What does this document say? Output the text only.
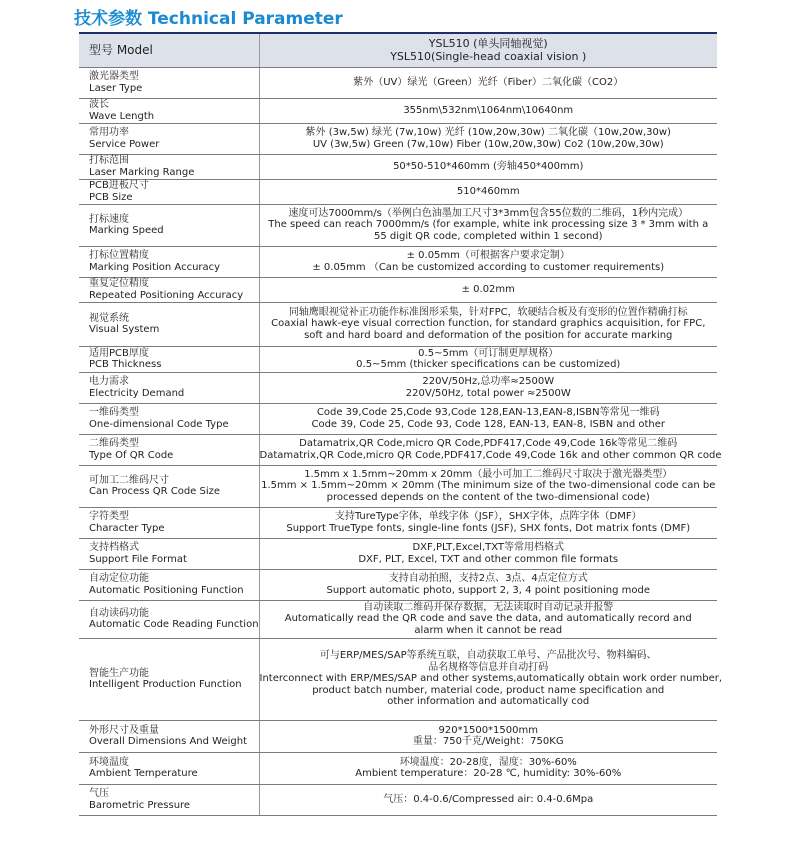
技术参数 Technical Parameter
型号 Model	YSL510 (单头同轴视觉)
YSL510(Single-head coaxial vision )

激光器类型
Laser Type	紫外（UV）绿光（Green）光纤（Fiber）二氧化碳（CO2）

波长
Wave Length	355nm\532nm\1064nm\10640nm

常用功率
Service Power	紫外 (3w,5w) 绿光 (7w,10w) 光纤 (10w,20w,30w) 二氧化碳（10w,20w,30w)
UV (3w,5w) Green (7w,10w) Fiber (10w,20w,30w) Co2 (10w,20w,30w)

打标范围
Laser Marking Range	50*50-510*460mm (旁轴450*400mm)

PCB进板尺寸
PCB Size	510*460mm

打标速度
Marking Speed	速度可达7000mm/s（举例白色油墨加工尺寸3*3mm包含55位数的二维码，1秒内完成）
The speed can reach 7000mm/s (for example, white ink processing size 3 * 3mm with a
55 digit QR code, completed within 1 second)

打标位置精度
Marking Position Accuracy	± 0.05mm（可根据客户要求定制）
± 0.05mm （Can be customized according to customer requirements)

重复定位精度
Repeated Positioning Accuracy	± 0.02mm

视觉系统
Visual System	同轴鹰眼视觉补正功能作标准图形采集，针对FPC，软硬结合板及有变形的位置作精确打标
Coaxial hawk-eye visual correction function, for standard graphics acquisition, for FPC,
soft and hard board and deformation of the position for accurate marking

适用PCB厚度
PCB Thickness	0.5~5mm（可订制更厚规格）
0.5~5mm (thicker specifications can be customized)

电力需求
Electricity Demand	220V/50Hz,总功率≈2500W
220V/50Hz, total power ≈2500W

一维码类型
One-dimensional Code Type	Code 39,Code 25,Code 93,Code 128,EAN-13,EAN-8,ISBN等常见一维码
Code 39, Code 25, Code 93, Code 128, EAN-13, EAN-8, ISBN and other

二维码类型
Type Of QR Code	Datamatrix,QR Code,micro QR Code,PDF417,Code 49,Code 16k等常见二维码
Datamatrix,QR Code,micro QR Code,PDF417,Code 49,Code 16k and other common QR code

可加工二维码尺寸
Can Process QR Code Size	1.5mm x 1.5mm~20mm x 20mm（最小可加工二维码尺寸取决于激光器类型）
1.5mm × 1.5mm~20mm × 20mm (The minimum size of the two-dimensional code can be
processed depends on the content of the two-dimensional code)

字符类型
Character Type	支持TureType字体，单线字体（JSF），SHX字体，点阵字体（DMF）
Support TrueType fonts, single-line fonts (JSF), SHX fonts, Dot matrix fonts (DMF)

支持档格式
Support File Format	DXF,PLT,Excel,TXT等常用档格式
DXF, PLT, Excel, TXT and other common file formats

自动定位功能
Automatic Positioning Function	支持自动拍照，支持2点、3点、4点定位方式
Support automatic photo, support 2, 3, 4 point positioning mode

自动读码功能
Automatic Code Reading Function	自动读取二维码并保存数据，无法读取时自动记录并报警
Automatically read the QR code and save the data, and automatically record and
alarm when it cannot be read

智能生产功能
Intelligent Production Function	可与ERP/MES/SAP等系统互联，自动获取工单号、产品批次号、物料编码、
品名规格等信息并自动打码
Interconnect with ERP/MES/SAP and other systems,automatically obtain work order number,
product batch number, material code, product name specification and
other information and automatically cod

外形尺寸及重量
Overall Dimensions And Weight	920*1500*1500mm
重量：750千克/Weight：750KG

环境温度
Ambient Temperature	环境温度：20-28度，湿度：30%-60%
Ambient temperature：20-28 ℃, humidity: 30%-60%

气压
Barometric Pressure	气压：0.4-0.6/Compressed air: 0.4-0.6Mpa
